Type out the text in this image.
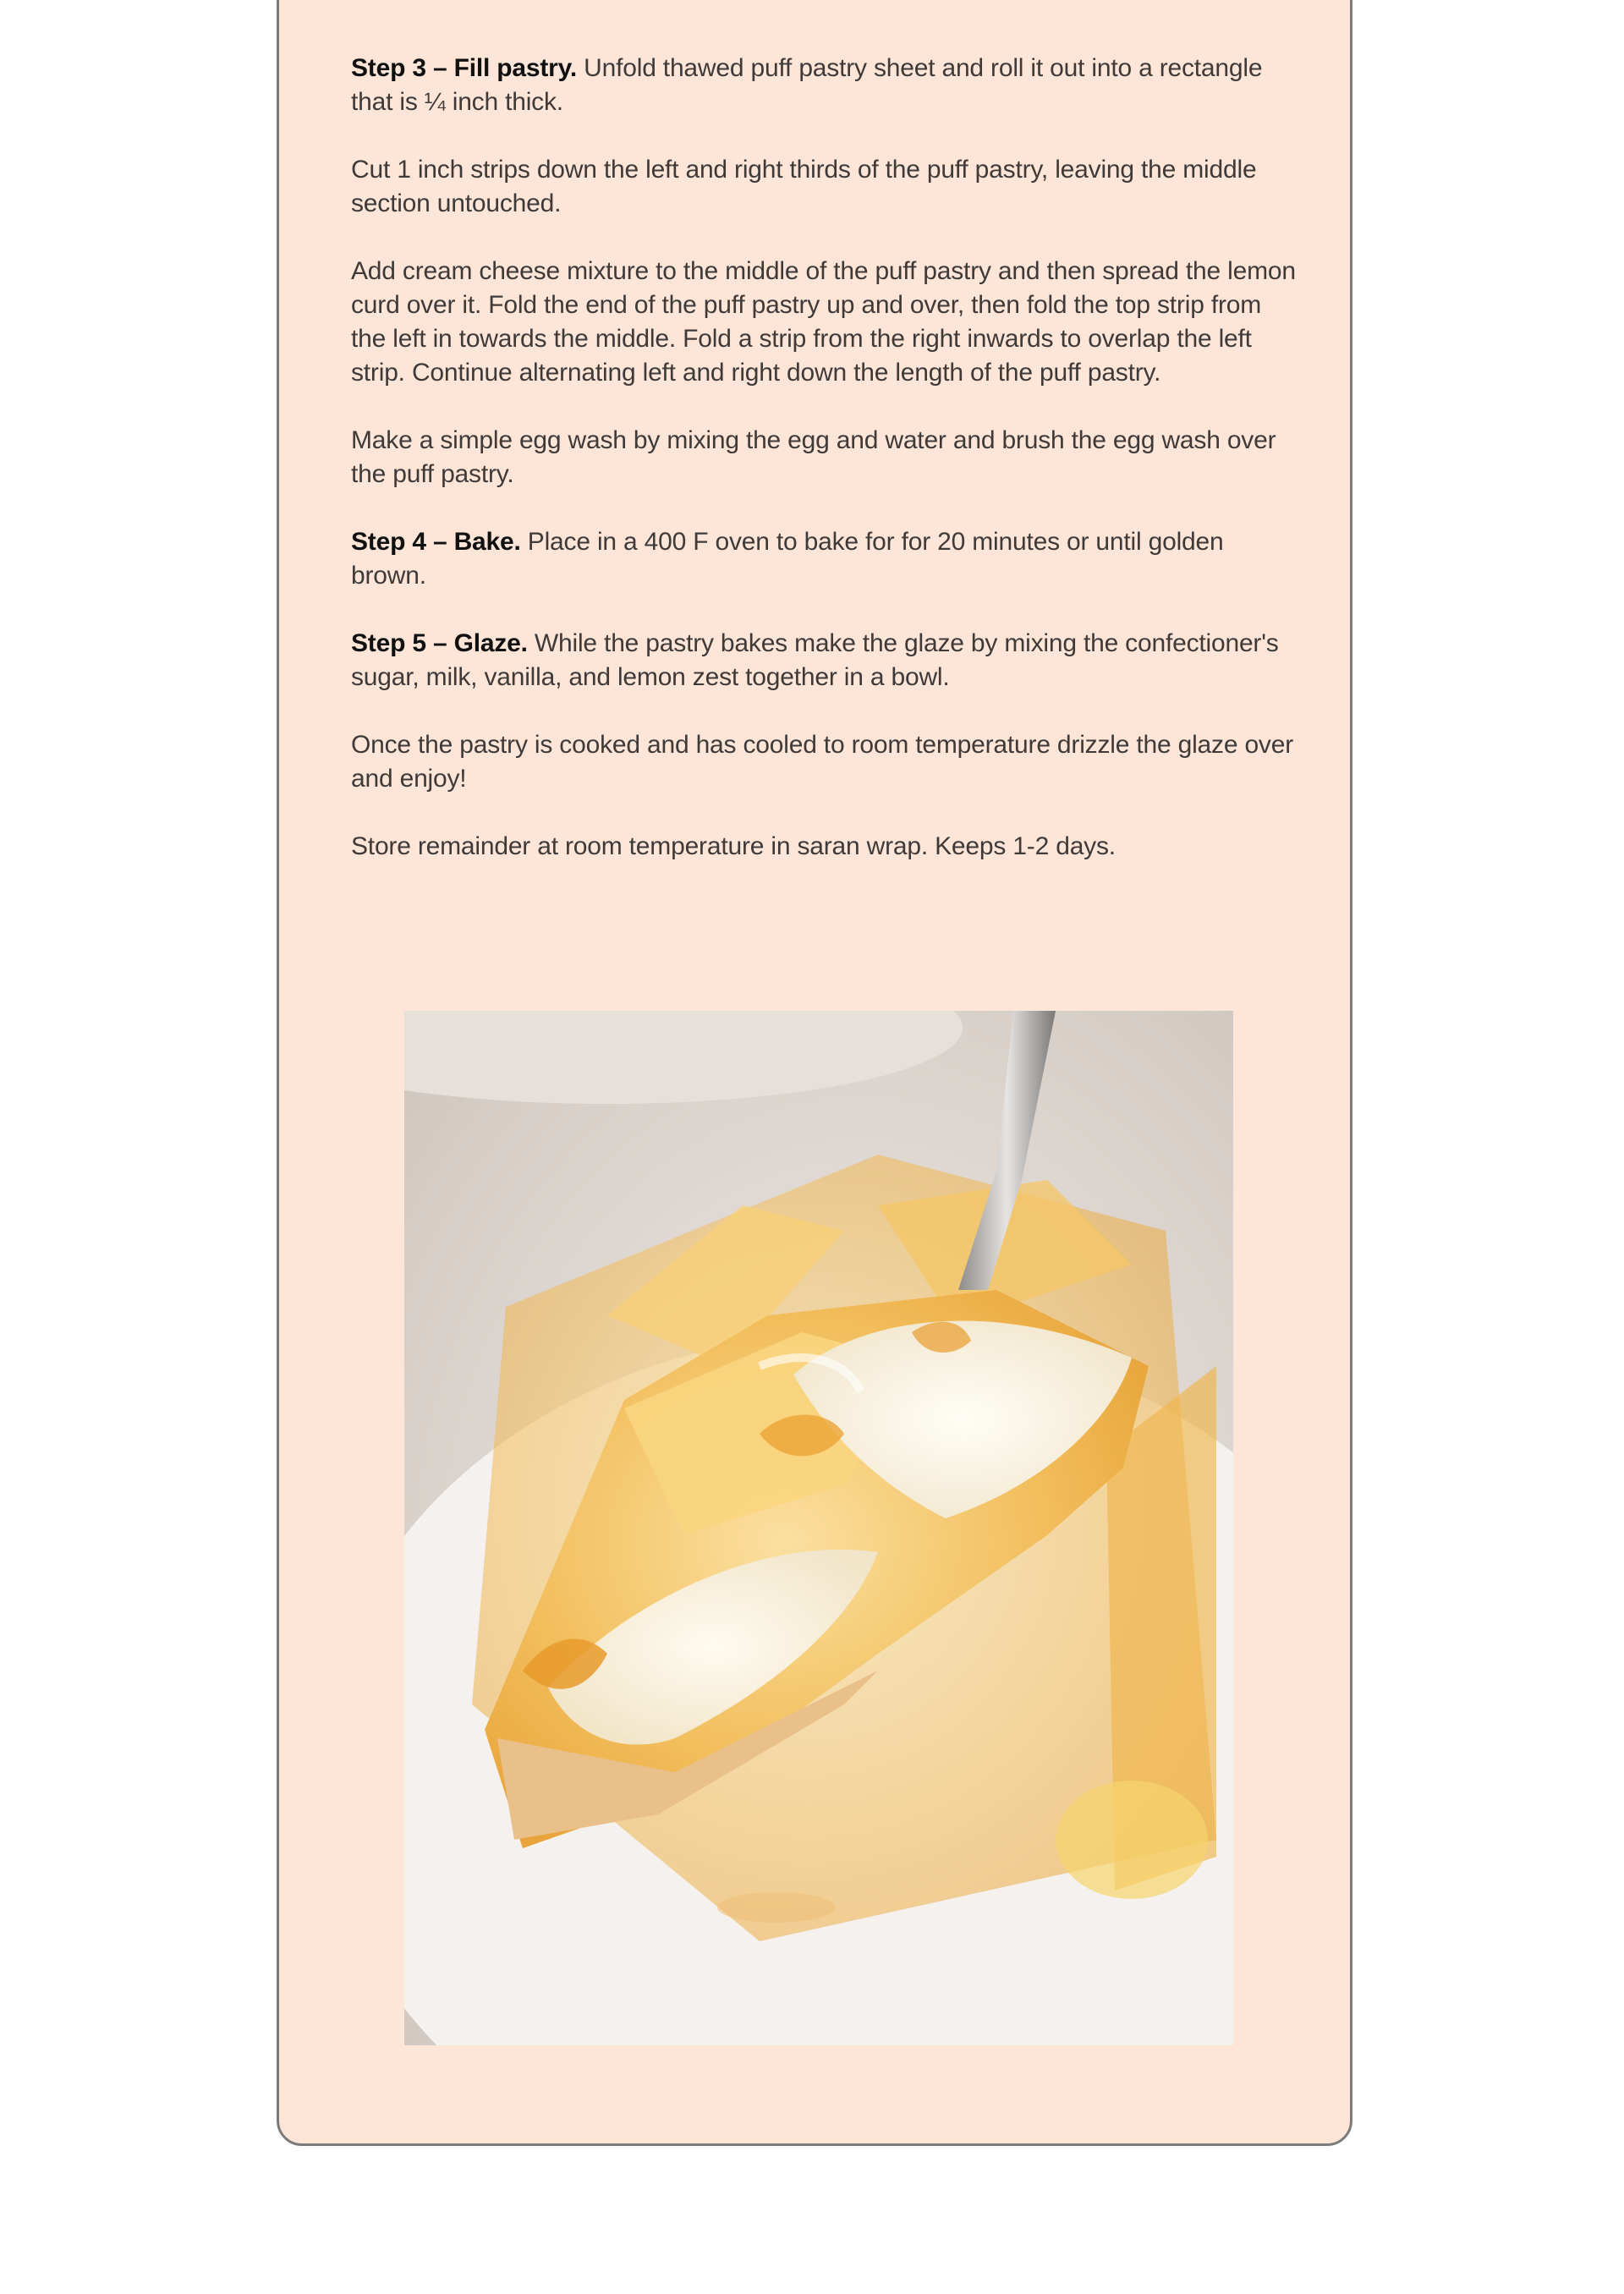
Step 3 – Fill pastry. Unfold thawed puff pastry sheet and roll it out into a rectangle that is ¼ inch thick.

Cut 1 inch strips down the left and right thirds of the puff pastry, leaving the middle section untouched.

Add cream cheese mixture to the middle of the puff pastry and then spread the lemon curd over it. Fold the end of the puff pastry up and over, then fold the top strip from the left in towards the middle. Fold a strip from the right inwards to overlap the left strip. Continue alternating left and right down the length of the puff pastry.

Make a simple egg wash by mixing the egg and water and brush the egg wash over the puff pastry.

Step 4 – Bake. Place in a 400 F oven to bake for for 20 minutes or until golden brown.

Step 5 – Glaze. While the pastry bakes make the glaze by mixing the confectioner's sugar, milk, vanilla, and lemon zest together in a bowl.

Once the pastry is cooked and has cooled to room temperature drizzle the glaze over and enjoy!

Store remainder at room temperature in saran wrap. Keeps 1-2 days.
